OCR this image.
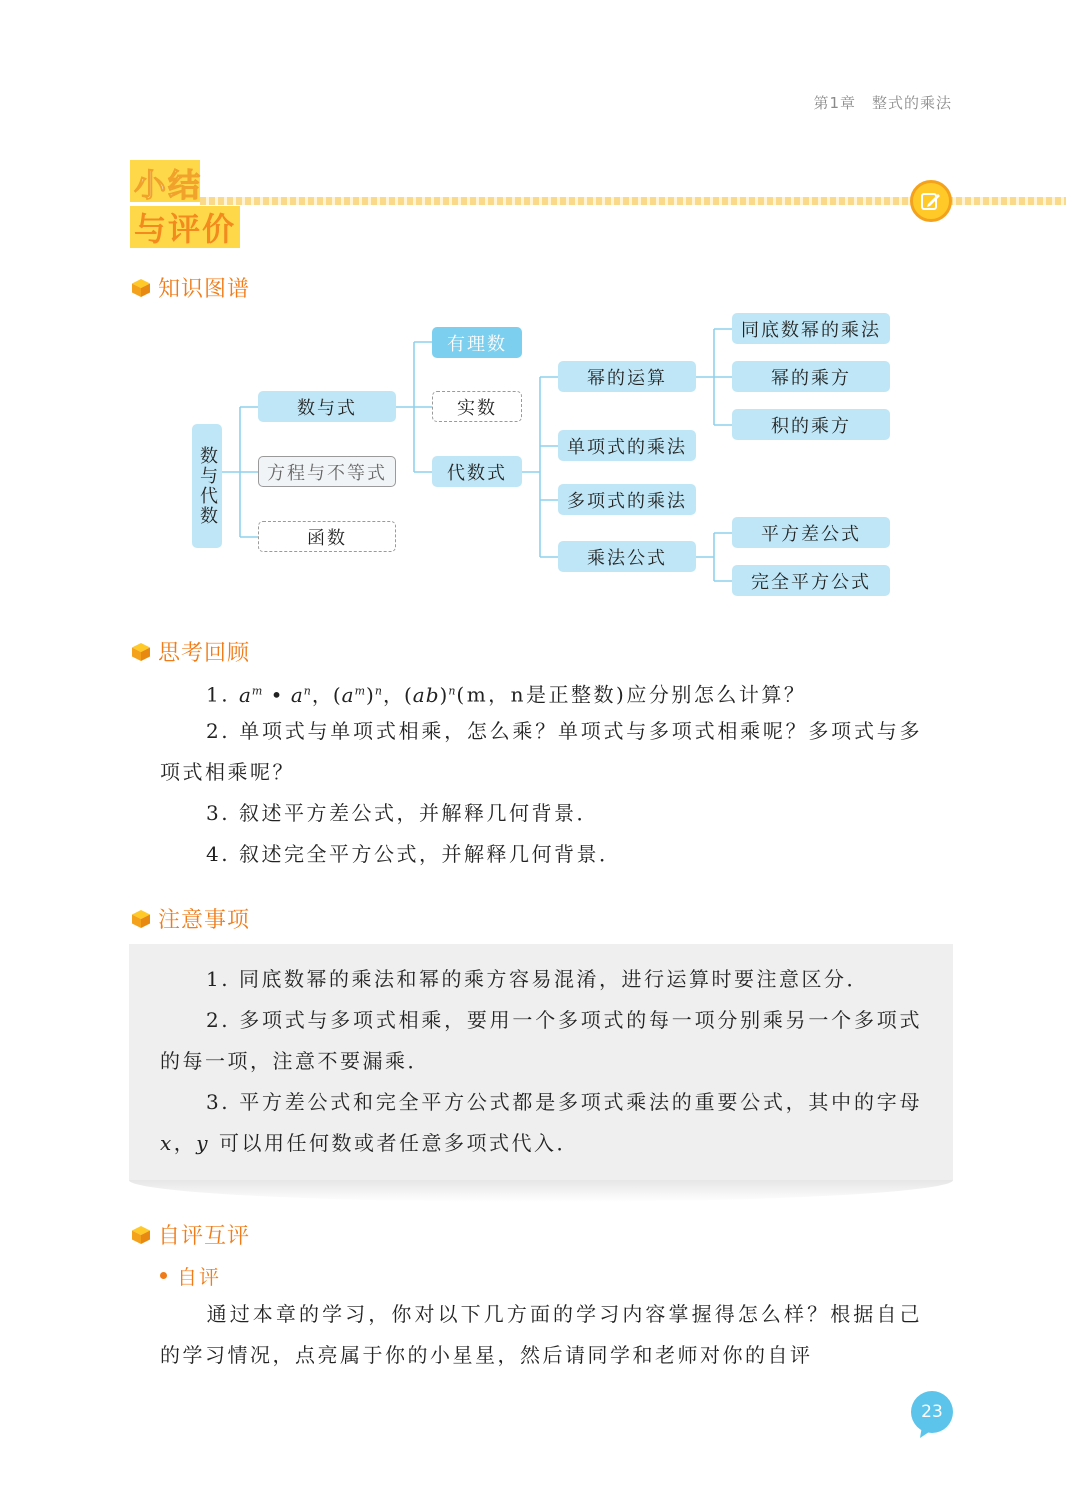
第1章 整式的乘法
小结
与评价
知识图谱
数与代数
数与式
方程与不等式
函数
有理数
实数
代数式
幂的运算
单项式的乘法
多项式的乘法
乘法公式
同底数幂的乘法
幂的乘方
积的乘方
平方差公式
完全平方公式
思考回顾
1. $a^m$ • $a^n$，$(a^m)^n$，(ab)$^n$(m，n是正整数)应分别怎么计算？
2. 单项式与单项式相乘，怎么乘？单项式与多项式相乘呢？多项式与多项式相乘呢？
3. 叙述平方差公式，并解释几何背景．
4. 叙述完全平方公式，并解释几何背景．
注意事项
1. 同底数幂的乘法和幂的乘方容易混淆，进行运算时要注意区分．
2. 多项式与多项式相乘，要用一个多项式的每一项分别乘另一个多项式的每一项，注意不要漏乘．
3. 平方差公式和完全平方公式都是多项式乘法的重要公式，其中的字母 x，y 可以用任何数或者任意多项式代入．
自评互评
自评
通过本章的学习，你对以下几方面的学习内容掌握得怎么样？根据自己的学习情况，点亮属于你的小星星，然后请同学和老师对你的自评
23
